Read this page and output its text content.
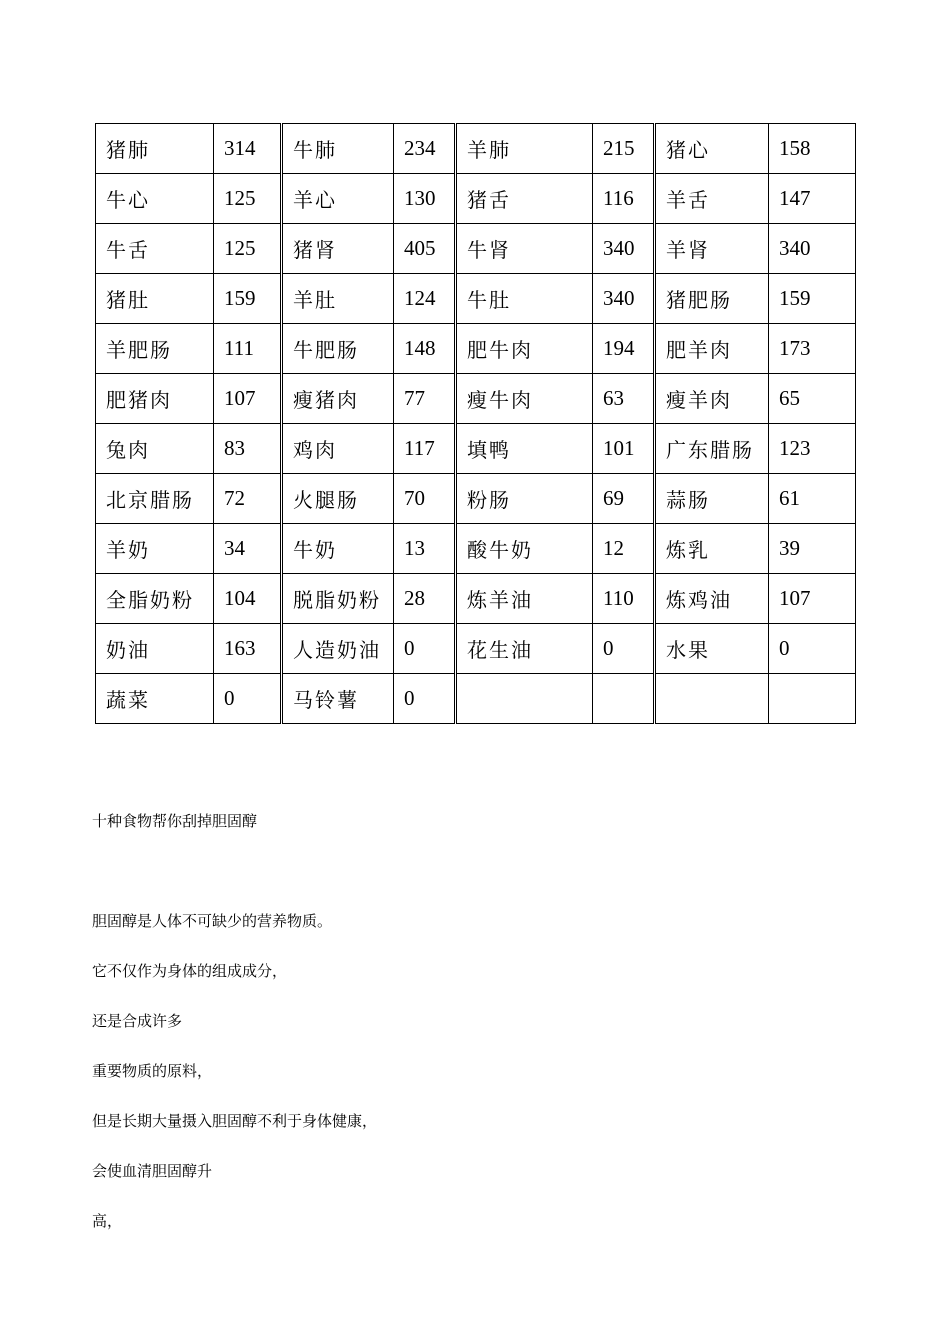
猪肺	314	牛肺	234	羊肺	215	猪心	158
牛心	125	羊心	130	猪舌	116	羊舌	147
牛舌	125	猪肾	405	牛肾	340	羊肾	340
猪肚	159	羊肚	124	牛肚	340	猪肥肠	159
羊肥肠	111	牛肥肠	148	肥牛肉	194	肥羊肉	173
肥猪肉	107	瘦猪肉	77	瘦牛肉	63	瘦羊肉	65
兔肉	83	鸡肉	117	填鸭	101	广东腊肠	123
北京腊肠	72	火腿肠	70	粉肠	69	蒜肠	61
羊奶	34	牛奶	13	酸牛奶	12	炼乳	39
全脂奶粉	104	脱脂奶粉	28	炼羊油	110	炼鸡油	107
奶油	163	人造奶油	0	花生油	0	水果	0
蔬菜	0	马铃薯	0				

十种食物帮你刮掉胆固醇

胆固醇是人体不可缺少的营养物质。

它不仅作为身体的组成成分，

还是合成许多

重要物质的原料，

但是长期大量摄入胆固醇不利于身体健康，

会使血清胆固醇升

高，
